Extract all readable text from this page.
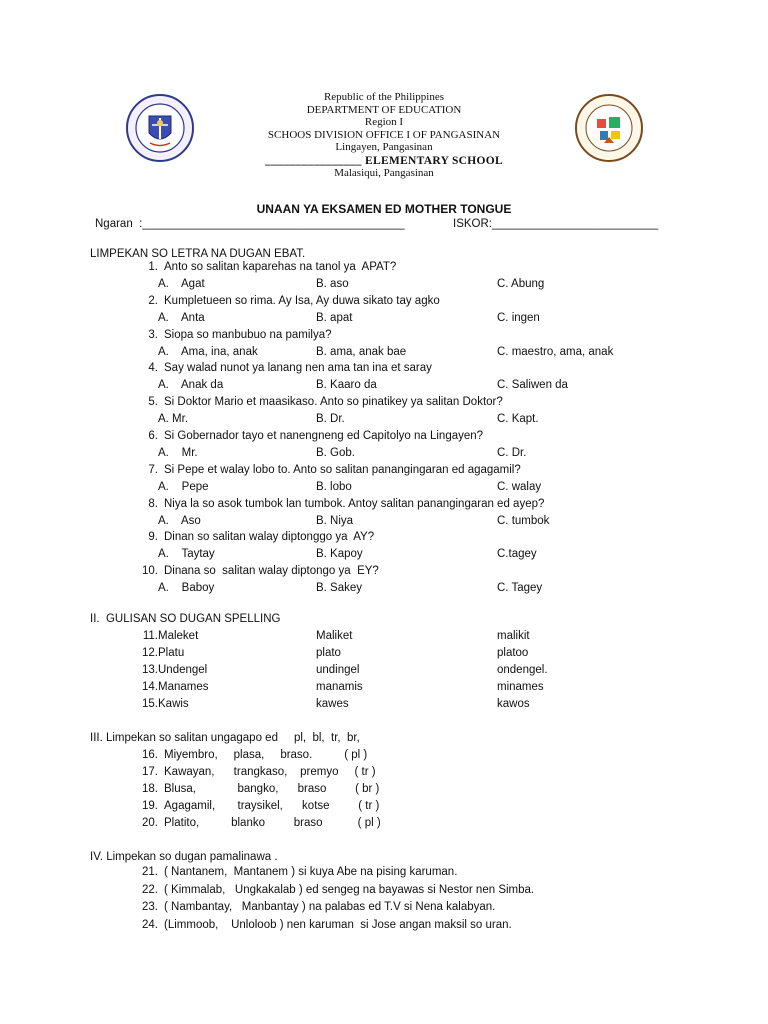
Republic of the Philippines
DEPARTMENT OF EDUCATION
Region I
SCHOOS DIVISION OFFICE I OF PANGASINAN
Lingayen, Pangasinan
________________ ELEMENTARY SCHOOL
Malasiqui, Pangasinan
UNAAN YA EKSAMEN ED MOTHER TONGUE
Ngaran  :_________________________________________	ISKOR:__________________________
LIMPEKAN SO LETRA NA DUGAN EBAT.
1. Anto so salitan kaparehas na tanol ya  APAT?
A.    Agat	B. aso	C. Abung
2. Kumpletueen so rima. Ay Isa, Ay duwa sikato tay agko
A.    Anta	B. apat	C. ingen
3. Siopa so manbubuo na pamilya?
A.    Ama, ina, anak	B. ama, anak bae	C. maestro, ama, anak
4. Say walad nunot ya lanang nen ama tan ina et saray
A.    Anak da	B. Kaaro da	C. Saliwen da
5. Si Doktor Mario et maasikaso. Anto so pinatikey ya salitan Doktor?
A. Mr.	B. Dr.	C. Kapt.
6. Si Gobernador tayo et nanengneng ed Capitolyo na Lingayen?
A.    Mr.	B. Gob.	C. Dr.
7. Si Pepe et walay lobo to. Anto so salitan panangingaran ed agagamil?
A.    Pepe	B. lobo	C. walay
8. Niya la so asok tumbok lan tumbok. Antoy salitan panangingaran ed ayep?
A.    Aso	B. Niya	C. tumbok
9. Dinan so salitan walay diptonggo ya  AY?
A.    Taytay	B. Kapoy	C.tagey
10. Dinana so  salitan walay diptongo ya  EY?
A.    Baboy	B. Sakey	C. Tagey
II.  GULISAN SO DUGAN SPELLING
11. Maleket	Maliket	malikit
12. Platu	plato	platoo
13. Undengel	undingel	ondengel.
14. Manames	manamis	minames
15. Kawis	kawes	kawos
III. Limpekan so salitan ungagapo ed     pl,  bl,  tr,  br,
16. Miyembro,     plasa,     braso.          ( pl )
17. Kawayan,      trangkaso,    premyo     ( tr )
18. Blusa,             bangko,      braso         ( br )
19. Agagamil,       traysikel,      kotse         ( tr )
20. Platito,          blanko         braso           ( pl )
IV. Limpekan so dugan pamalinawa .
21. ( Nantanem,  Mantanem ) si kuya Abe na pising karuman.
22. ( Kimmalab,   Ungkakalab ) ed sengeg na bayawas si Nestor nen Simba.
23. ( Nambantay,   Manbantay ) na palabas ed T.V si Nena kalabyan.
24. (Limmoob,    Unloloob ) nen karuman  si Jose angan maksil so uran.
